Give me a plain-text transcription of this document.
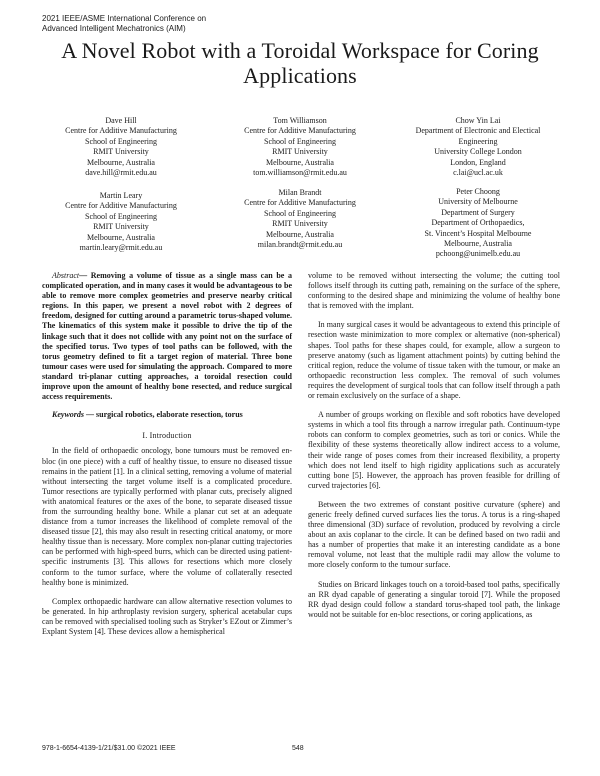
2021 IEEE/ASME International Conference on
Advanced Intelligent Mechatronics (AIM)
A Novel Robot with a Toroidal Workspace for Coring
Applications
Dave Hill
Centre for Additive Manufacturing
School of Engineering
RMIT University
Melbourne, Australia
dave.hill@rmit.edu.au
Tom Williamson
Centre for Additive Manufacturing
School of Engineering
RMIT University
Melbourne, Australia
tom.williamson@rmit.edu.au
Chow Yin Lai
Department of Electronic and Electical
Engineering
University College London
London, England
c.lai@ucl.ac.uk
Martin Leary
Centre for Additive Manufacturing
School of Engineering
RMIT University
Melbourne, Australia
martin.leary@rmit.edu.au
Milan Brandt
Centre for Additive Manufacturing
School of Engineering
RMIT University
Melbourne, Australia
milan.brandt@rmit.edu.au
Peter Choong
University of Melbourne
Department of Surgery
Department of Orthopaedics,
St. Vincent’s Hospital Melbourne
Melbourne, Australia
pchoong@unimelb.edu.au

Abstract— Removing a volume of tissue as a single mass can be a complicated operation, and in many cases it would be advantageous to be able to remove more complex geometries and preserve nearby critical regions. In this paper, we present a novel robot with 2 degrees of freedom, designed for cutting around a parametric torus-shaped volume. The kinematics of this system make it possible to drive the tip of the linkage such that it does not collide with any point not on the surface of the specified torus. Two types of tool paths can be followed, with the torus geometry defined to fit a target region of material. Three bone tumour cases were used for simulating the approach. Compared to more standard tri-planar cutting approaches, a toroidal resection could improve upon the amount of healthy bone resected, and reduce surgical access requirements.

Keywords — surgical robotics, elaborate resection, torus

I. Introduction

In the field of orthopaedic oncology, bone tumours must be removed en-bloc (in one piece) with a cuff of healthy tissue, to ensure no diseased tissue remains in the patient [1]. In a clinical setting, removing a volume of material without intersecting the target volume itself is a complicated procedure. Tumor resections are typically performed with planar cuts, precisely aligned with anatomical features or the axes of the bone, to separate diseased tissue from the surrounding healthy bone. While a planar cut set at an adequate distance from a tumor increases the likelihood of complete removal of the diseased tissue [2], this may also result in resecting critical anatomy, or more healthy tissue than is necessary. More complex non-planar cutting trajectories can be performed with high-speed burrs, which can be directed using patient-specific instruments [3]. This allows for resections which more closely conform to the tumor surface, where the volume of collaterally resected healthy bone is minimized.

Complex orthopaedic hardware can allow alternative resection volumes to be generated. In hip arthroplasty revision surgery, spherical acetabular cups can be removed with specialised tooling such as Stryker’s EZout or Zimmer’s Explant System [4]. These devices allow a hemispherical

volume to be removed without intersecting the volume; the cutting tool follows itself through its cutting path, remaining on the surface of the sphere, conforming to the desired shape and minimizing the volume of healthy bone that is removed with the implant.

In many surgical cases it would be advantageous to extend this principle of resection waste minimization to more complex or alternative (non-spherical) shapes. Tool paths for these shapes could, for example, allow a surgeon to preserve anatomy (such as ligament attachment points) by cutting behind the critical region, reduce the volume of tissue taken with the tumour, or make an orthopaedic reconstruction less complex. The removal of such volumes requires the development of surgical tools that can follow itself through a path or remain exclusively on the surface of a shape.

A number of groups working on flexible and soft robotics have developed systems in which a tool fits through a narrow irregular path. Continuum-type robots can conform to complex geometries, such as tori or conics. While the flexibility of these systems theoretically allow indirect access to a volume, their wide range of poses comes from their increased flexibility, a property which does not lend itself to high rigidity applications such as accurately cutting bone [5]. However, the approach has proven feasible for drilling of curved trajectories [6].

Between the two extremes of constant positive curvature (sphere) and generic freely defined curved surfaces lies the torus. A torus is a ring-shaped three dimensional (3D) surface of revolution, produced by revolving a circle about an axis coplanar to the circle. It can be defined based on two radii and has a number of properties that make it an interesting candidate as a bone removal volume, not least that the multiple radii may allow the volume to more closely conform to the tumour surface.

Studies on Bricard linkages touch on a toroid-based tool paths, specifically an RR dyad capable of generating a singular toroid [7]. While the proposed RR dyad design could follow a standard torus-shaped tool path, the linkage would not be suitable for en-bloc resections, or coring applications, as

978-1-6654-4139-1/21/$31.00 ©2021 IEEE	548
